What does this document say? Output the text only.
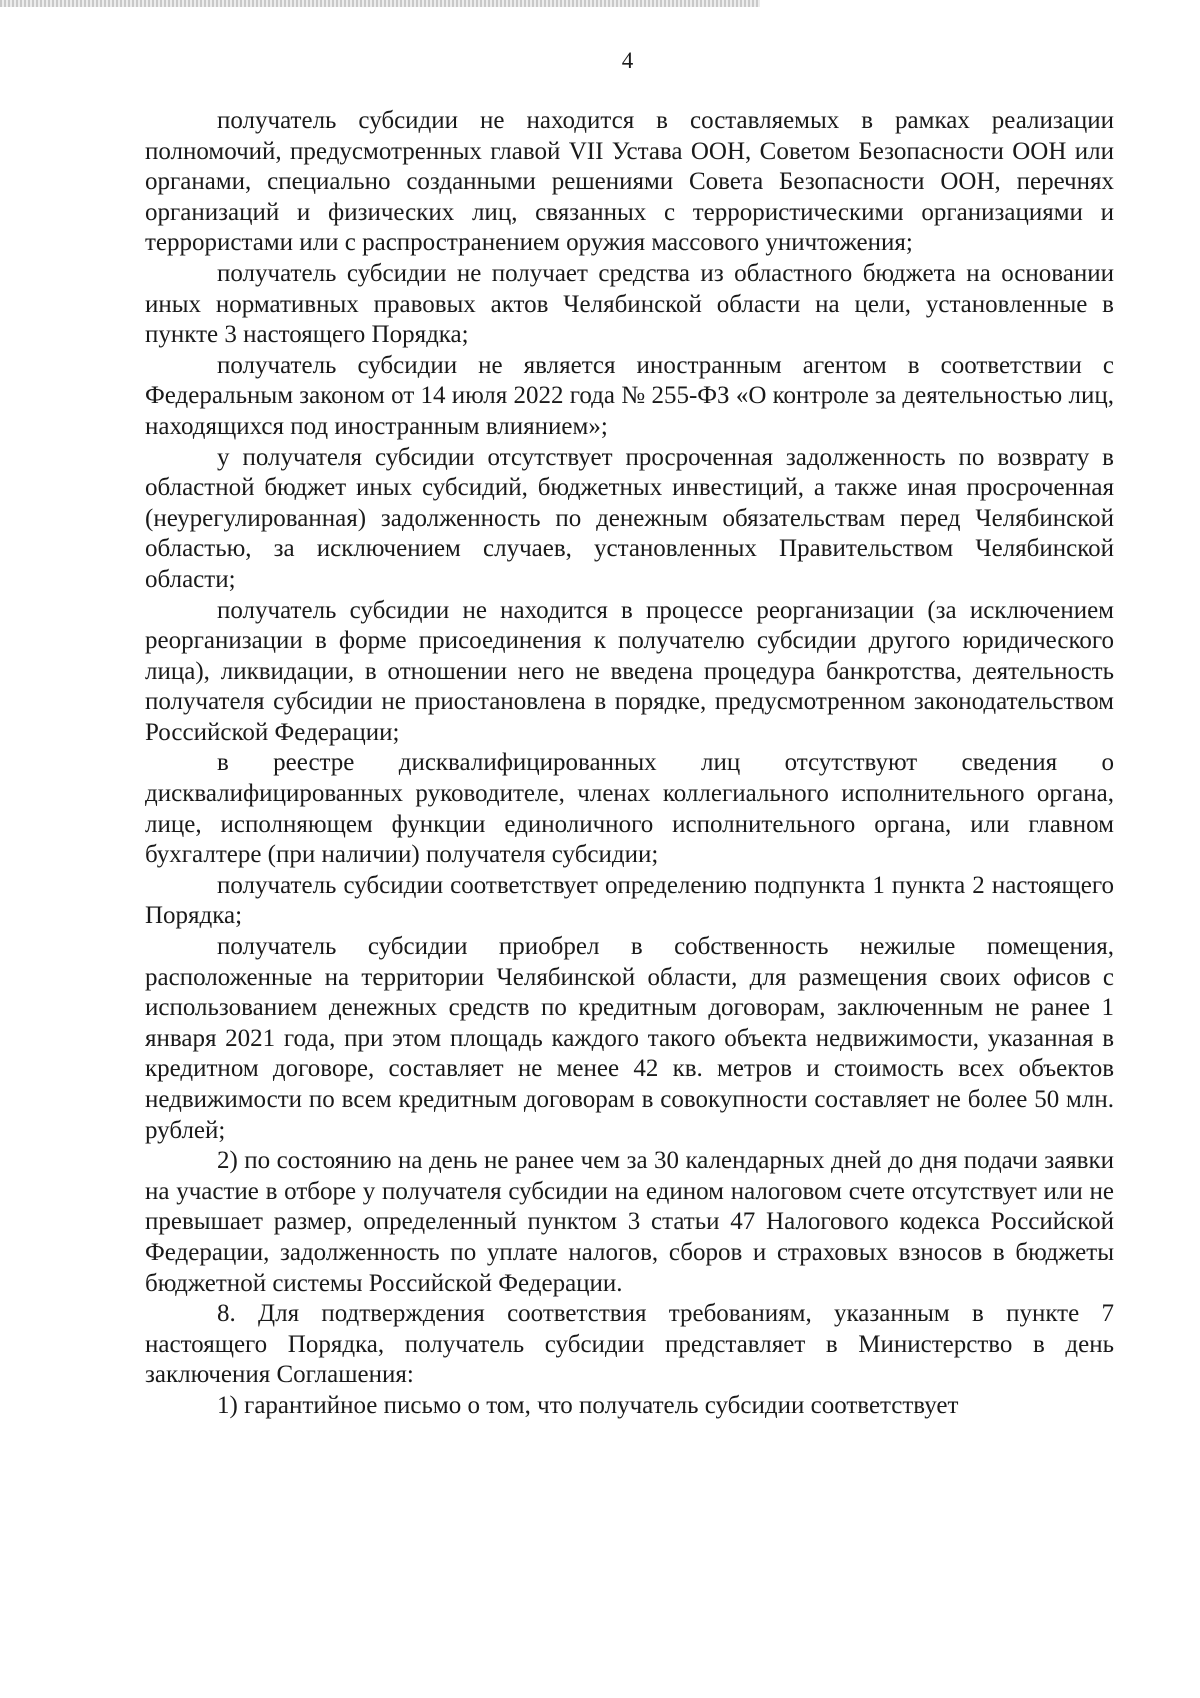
4

получатель субсидии не находится в составляемых в рамках реализации полномочий, предусмотренных главой VII Устава ООН, Советом Безопасности ООН или органами, специально созданными решениями Совета Безопасности ООН, перечнях организаций и физических лиц, связанных с террористическими организациями и террористами или с распространением оружия массового уничтожения;

получатель субсидии не получает средства из областного бюджета на основании иных нормативных правовых актов Челябинской области на цели, установленные в пункте 3 настоящего Порядка;

получатель субсидии не является иностранным агентом в соответствии с Федеральным законом от 14 июля 2022 года № 255-ФЗ «О контроле за деятельностью лиц, находящихся под иностранным влиянием»;

у получателя субсидии отсутствует просроченная задолженность по возврату в областной бюджет иных субсидий, бюджетных инвестиций, а также иная просроченная (неурегулированная) задолженность по денежным обязательствам перед Челябинской областью, за исключением случаев, установленных Правительством Челябинской области;

получатель субсидии не находится в процессе реорганизации (за исключением реорганизации в форме присоединения к получателю субсидии другого юридического лица), ликвидации, в отношении него не введена процедура банкротства, деятельность получателя субсидии не приостановлена в порядке, предусмотренном законодательством Российской Федерации;

в реестре дисквалифицированных лиц отсутствуют сведения о дисквалифицированных руководителе, членах коллегиального исполнительного органа, лице, исполняющем функции единоличного исполнительного органа, или главном бухгалтере (при наличии) получателя субсидии;

получатель субсидии соответствует определению подпункта 1 пункта 2 настоящего Порядка;

получатель субсидии приобрел в собственность нежилые помещения, расположенные на территории Челябинской области, для размещения своих офисов с использованием денежных средств по кредитным договорам, заключенным не ранее 1 января 2021 года, при этом площадь каждого такого объекта недвижимости, указанная в кредитном договоре, составляет не менее 42 кв. метров и стоимость всех объектов недвижимости по всем кредитным договорам в совокупности составляет не более 50 млн. рублей;

2) по состоянию на день не ранее чем за 30 календарных дней до дня подачи заявки на участие в отборе у получателя субсидии на едином налоговом счете отсутствует или не превышает размер, определенный пунктом 3 статьи 47 Налогового кодекса Российской Федерации, задолженность по уплате налогов, сборов и страховых взносов в бюджеты бюджетной системы Российской Федерации.

8. Для подтверждения соответствия требованиям, указанным в пункте 7 настоящего Порядка, получатель субсидии представляет в Министерство в день заключения Соглашения:

1) гарантийное письмо о том, что получатель субсидии соответствует
